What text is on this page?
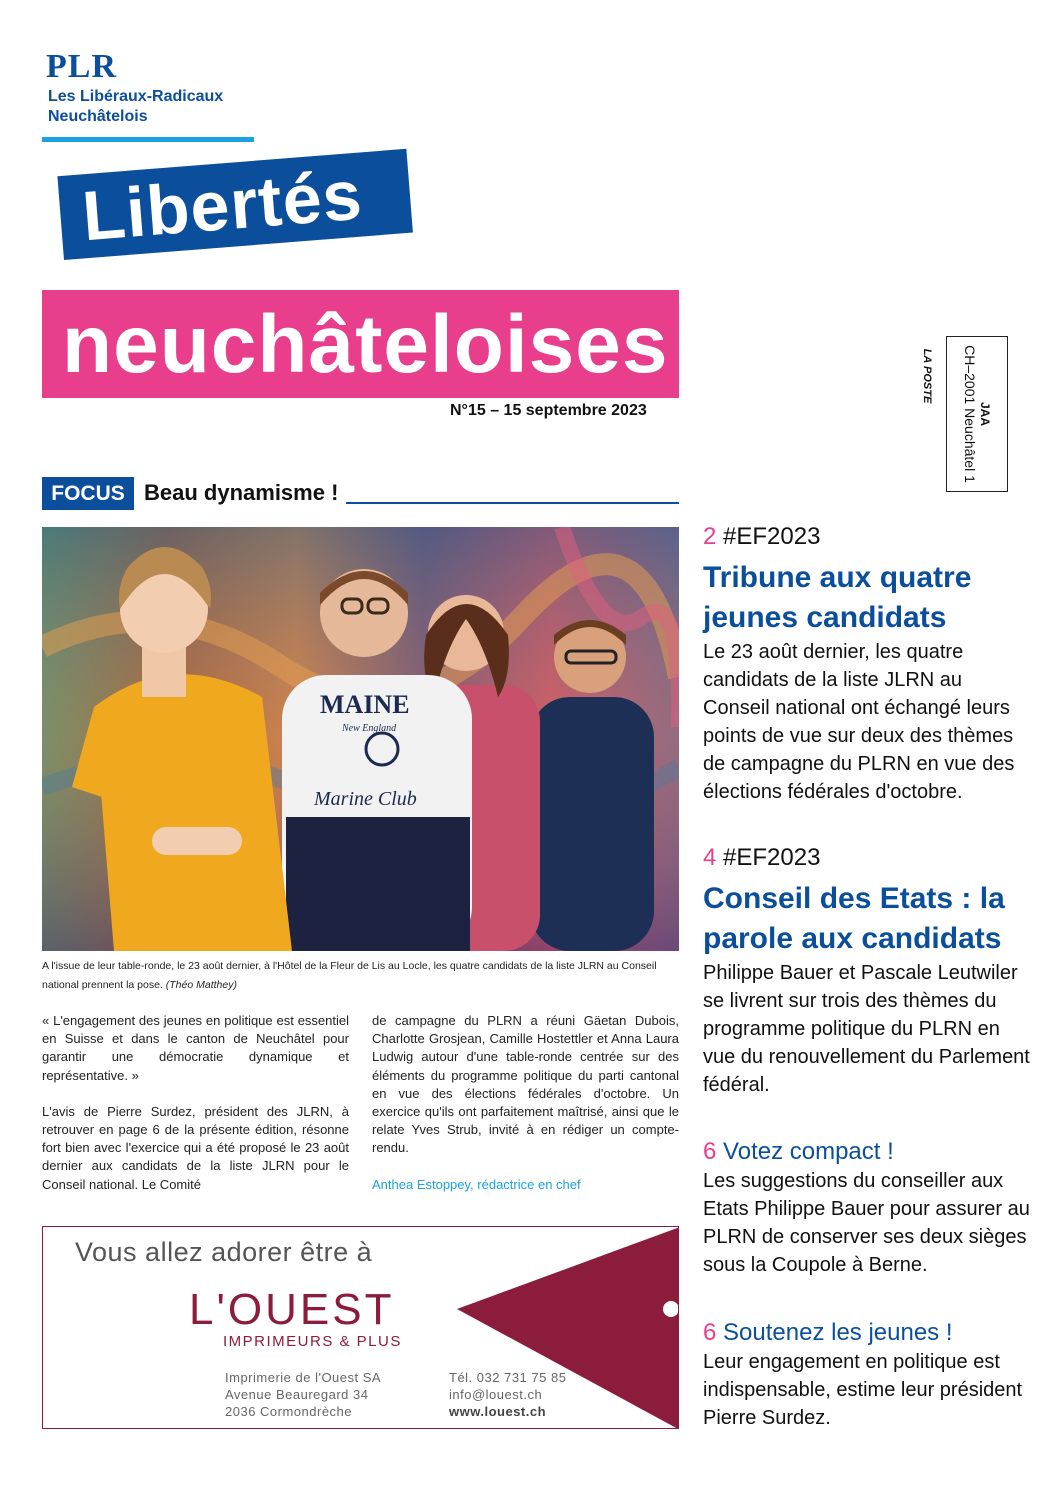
PLR
Les Libéraux-Radicaux
Neuchâtelois
Libertés
neuchâteloises
N°15 – 15 septembre 2023
LA POSTE
JAA
CH–2001 Neuchâtel 1
FOCUS Beau dynamisme !
MAINE
New England
Marine Club
A l'issue de leur table-ronde, le 23 août dernier, à l'Hôtel de la Fleur de Lis au Locle, les quatre candidats de la liste JLRN au Conseil national prennent la pose. (Théo Matthey)

« L'engagement des jeunes en politique est essentiel en Suisse et dans le canton de Neuchâtel pour garantir une démocratie dynamique et représentative. »

L'avis de Pierre Surdez, président des JLRN, à retrouver en page 6 de la présente édition, résonne fort bien avec l'exercice qui a été proposé le 23 août dernier aux candidats de la liste JLRN pour le Conseil national. Le Comité

de campagne du PLRN a réuni Gäetan Dubois, Charlotte Grosjean, Camille Hostettler et Anna Laura Ludwig autour d'une table-ronde centrée sur des éléments du programme politique du parti cantonal en vue des élections fédérales d'octobre. Un exercice qu'ils ont parfaitement maîtrisé, ainsi que le relate Yves Strub, invité à en rédiger un compte-rendu.

Anthea Estoppey, rédactrice en chef

Vous allez adorer être à
L'OUEST
IMPRIMEURS & PLUS
Imprimerie de l'Ouest SA
Avenue Beauregard 34
2036 Cormondrèche
Tél. 032 731 75 85
info@louest.ch
www.louest.ch
2 #EF2023
Tribune aux quatre
jeunes candidats
Le 23 août dernier, les quatre candidats de la liste JLRN au Conseil national ont échangé leurs points de vue sur deux des thèmes de campagne du PLRN en vue des élections fédérales d'octobre.
4 #EF2023
Conseil des Etats : la
parole aux candidats
Philippe Bauer et Pascale Leutwiler se livrent sur trois des thèmes du programme politique du PLRN en vue du renouvellement du Parlement fédéral.
6 Votez compact !
Les suggestions du conseiller aux Etats Philippe Bauer pour assurer au PLRN de conserver ses deux sièges sous la Coupole à Berne.
6 Soutenez les jeunes !
Leur engagement en politique est indispensable, estime leur président Pierre Surdez.
